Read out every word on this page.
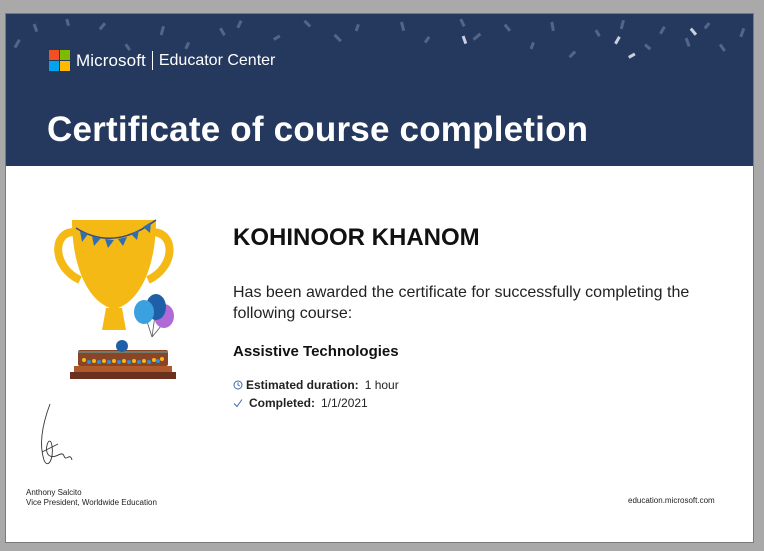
Microsoft Educator Center
Certificate of course completion
KOHINOOR KHANOM
Has been awarded the certificate for successfully completing the following course:
Assistive Technologies
Estimated duration: 1 hour
Completed: 1/1/2021
Anthony Salcito
Vice President, Worldwide Education	education.microsoft.com
